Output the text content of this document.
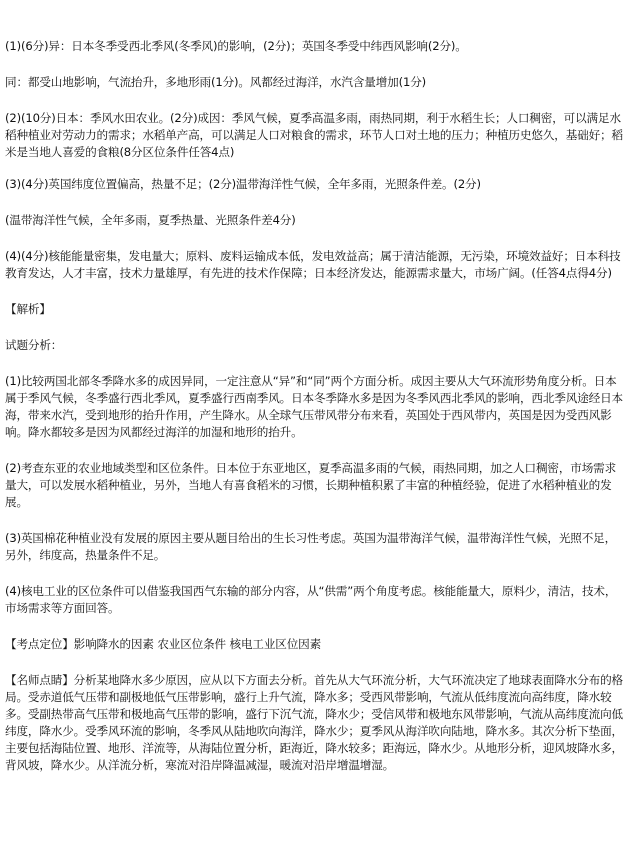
(1)(6分)异：日本冬季受西北季风(冬季风)的影响，(2分)；英国冬季受中纬西风影响(2分)。

同：都受山地影响，气流抬升，多地形雨(1分)。风都经过海洋，水汽含量增加(1分)

(2)(10分)日本：季风水田农业。(2分)成因：季风气候，夏季高温多雨，雨热同期，利于水稻生长；人口稠密，可以满足水稻种植业对劳动力的需求；水稻单产高，可以满足人口对粮食的需求，环节人口对土地的压力；种植历史悠久，基础好；稻米是当地人喜爱的食粮(8分区位条件任答4点)

(3)(4分)英国纬度位置偏高，热量不足；(2分)温带海洋性气候，全年多雨，光照条件差。(2分)

(温带海洋性气候，全年多雨，夏季热量、光照条件差4分)

(4)(4分)核能能量密集，发电量大；原料、废料运输成本低，发电效益高；属于清洁能源，无污染，环境效益好；日本科技教育发达，人才丰富，技术力量雄厚，有先进的技术作保障；日本经济发达，能源需求量大，市场广阔。(任答4点得4分)

【解析】

试题分析：

(1)比较两国北部冬季降水多的成因异同，一定注意从“异”和“同”两个方面分析。成因主要从大气环流形势角度分析。日本属于季风气候，冬季盛行西北季风，夏季盛行西南季风。日本冬季降水多是因为冬季风西北季风的影响，西北季风途经日本海，带来水汽，受到地形的抬升作用，产生降水。从全球气压带风带分布来看，英国处于西风带内，英国是因为受西风影响。降水都较多是因为风都经过海洋的加湿和地形的抬升。

(2)考查东亚的农业地域类型和区位条件。日本位于东亚地区，夏季高温多雨的气候，雨热同期，加之人口稠密，市场需求量大，可以发展水稻种植业，另外，当地人有喜食稻米的习惯，长期种植积累了丰富的种植经验，促进了水稻种植业的发展。

(3)英国棉花种植业没有发展的原因主要从题目给出的生长习性考虑。英国为温带海洋气候，温带海洋性气候，光照不足，另外，纬度高，热量条件不足。

(4)核电工业的区位条件可以借鉴我国西气东输的部分内容，从“供需”两个角度考虑。核能能量大，原料少，清洁，技术，市场需求等方面回答。

【考点定位】影响降水的因素 农业区位条件 核电工业区位因素

【名师点睛】分析某地降水多少原因，应从以下方面去分析。首先从大气环流分析，大气环流决定了地球表面降水分布的格局。受赤道低气压带和副极地低气压带影响，盛行上升气流，降水多；受西风带影响，气流从低纬度流向高纬度，降水较多。受副热带高气压带和极地高气压带的影响，盛行下沉气流，降水少；受信风带和极地东风带影响，气流从高纬度流向低纬度，降水少。受季风环流的影响，冬季风从陆地吹向海洋，降水少；夏季风从海洋吹向陆地，降水多。其次分析下垫面，主要包括海陆位置、地形、洋流等，从海陆位置分析，距海近，降水较多；距海远，降水少。从地形分析，迎风坡降水多，背风坡，降水少。从洋流分析，寒流对沿岸降温减湿，暖流对沿岸增温增湿。
